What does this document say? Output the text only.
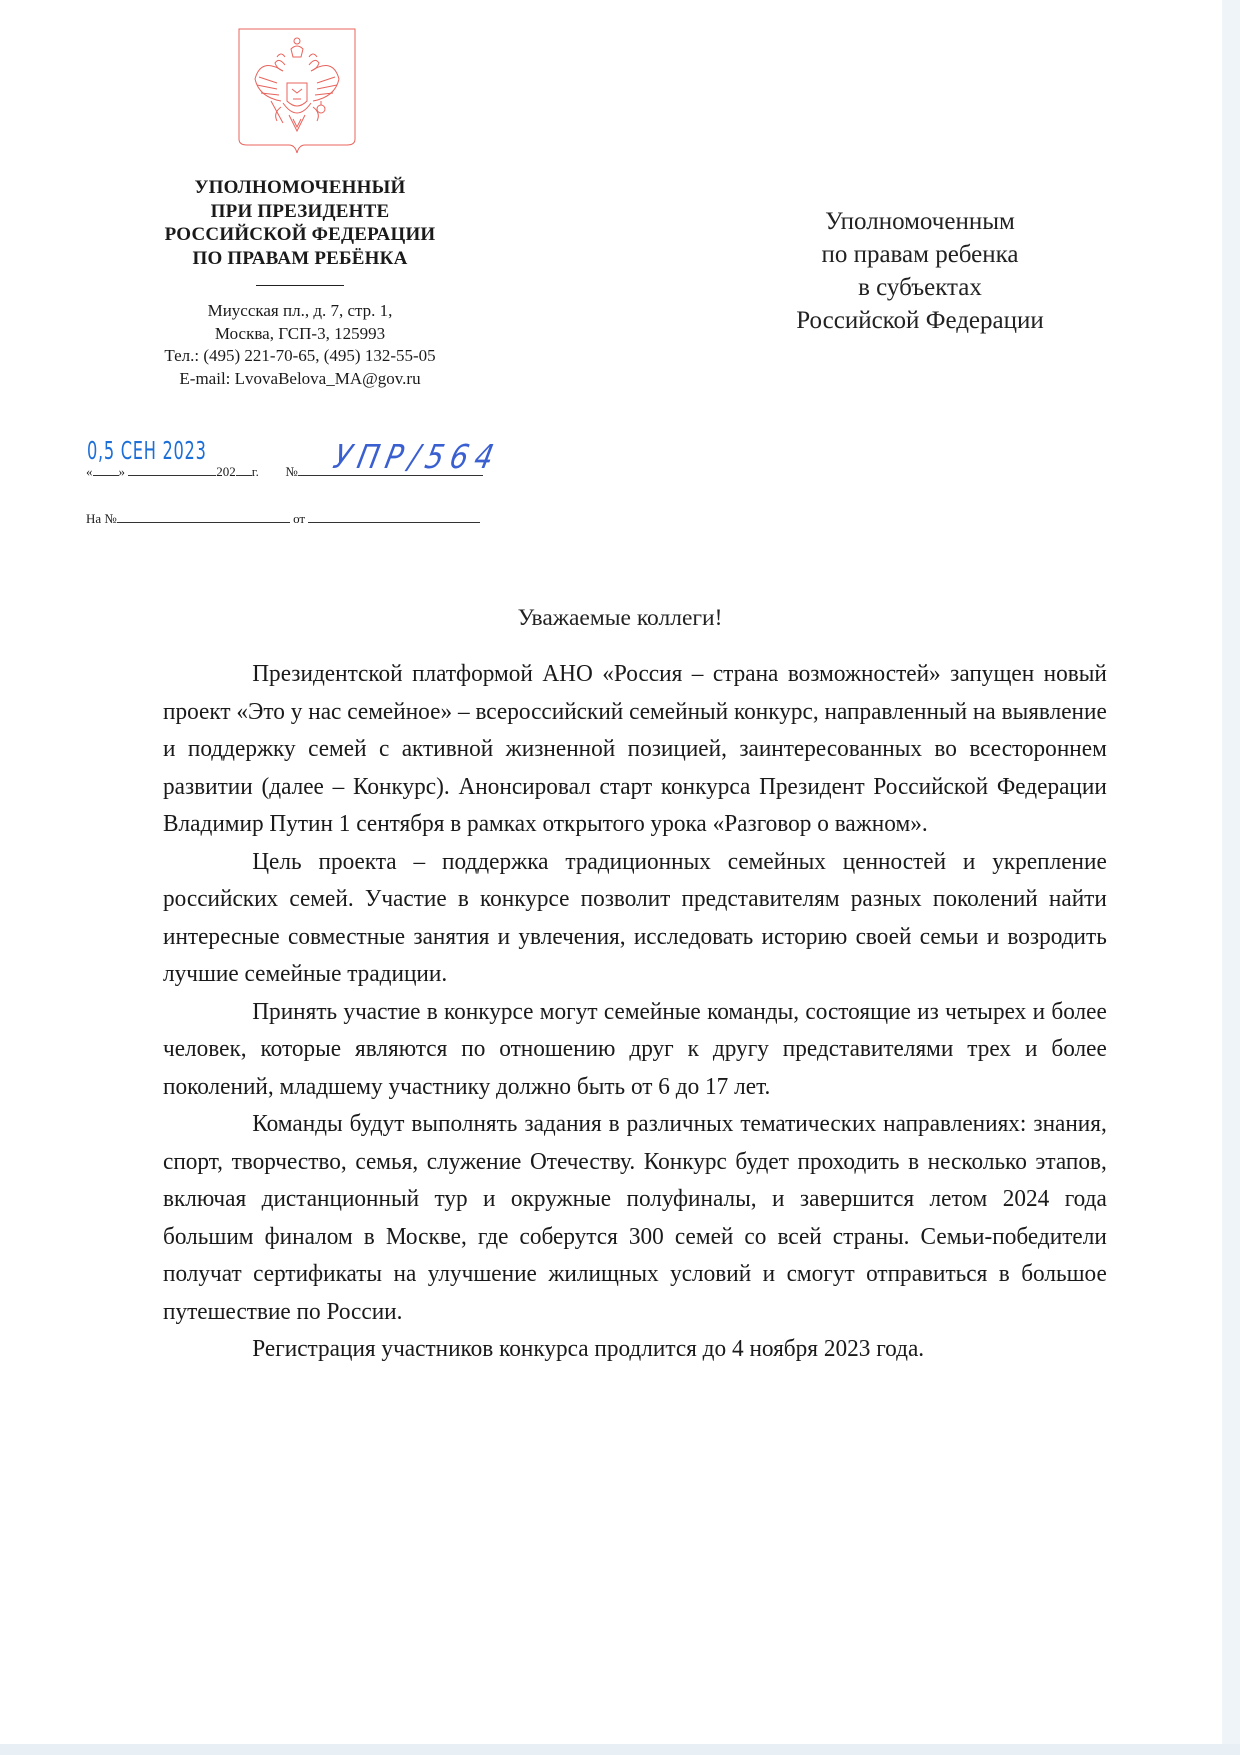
УПОЛНОМОЧЕННЫЙ
ПРИ ПРЕЗИДЕНТЕ
РОССИЙСКОЙ ФЕДЕРАЦИИ
ПО ПРАВАМ РЕБЁНКА
Миусская пл., д. 7, стр. 1,
Москва, ГСП-3, 125993
Тел.: (495) 221-70-65, (495) 132-55-05
E-mail: LvovaBelova_MA@gov.ru
0,5 СЕН 2023	УПР/564
« »	202 г. №
На №	от
Уполномоченным
по правам ребенка
в субъектах
Российской Федерации
Уважаемые коллеги!

Президентской платформой АНО «Россия – страна возможностей» запущен новый проект «Это у нас семейное» – всероссийский семейный конкурс, направленный на выявление и поддержку семей с активной жизненной позицией, заинтересованных во всестороннем развитии (далее – Конкурс). Анонсировал старт конкурса Президент Российской Федерации Владимир Путин 1 сентября в рамках открытого урока «Разговор о важном».

Цель проекта – поддержка традиционных семейных ценностей и укрепление российских семей. Участие в конкурсе позволит представителям разных поколений найти интересные совместные занятия и увлечения, исследовать историю своей семьи и возродить лучшие семейные традиции.

Принять участие в конкурсе могут семейные команды, состоящие из четырех и более человек, которые являются по отношению друг к другу представителями трех и более поколений, младшему участнику должно быть от 6 до 17 лет.

Команды будут выполнять задания в различных тематических направлениях: знания, спорт, творчество, семья, служение Отечеству. Конкурс будет проходить в несколько этапов, включая дистанционный тур и окружные полуфиналы, и завершится летом 2024 года большим финалом в Москве, где соберутся 300 семей со всей страны. Семьи-победители получат сертификаты на улучшение жилищных условий и смогут отправиться в большое путешествие по России.

Регистрация участников конкурса продлится до 4 ноября 2023 года.
